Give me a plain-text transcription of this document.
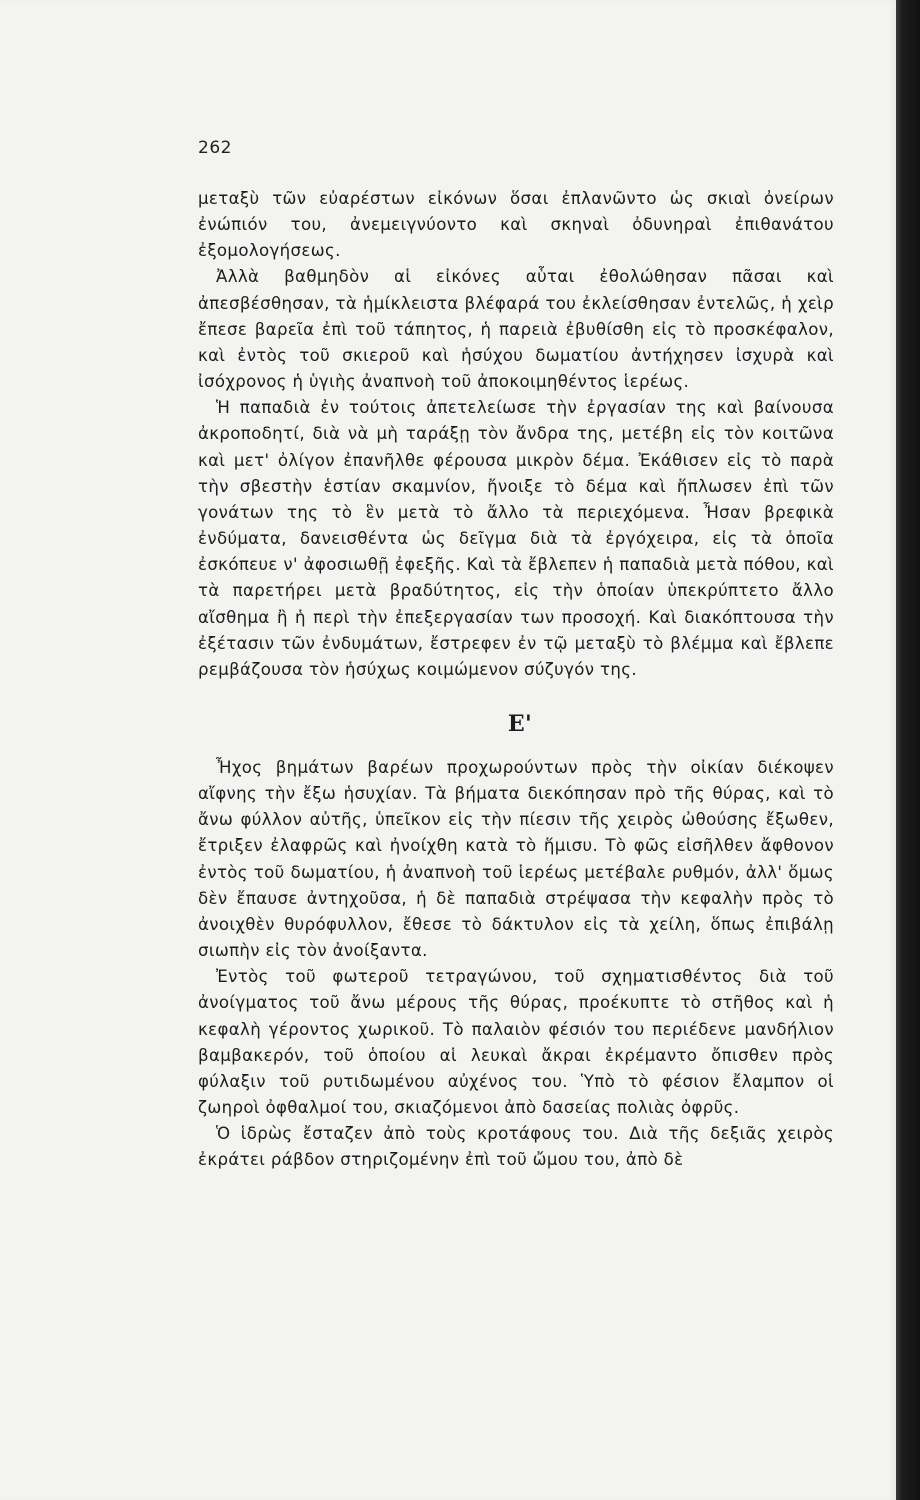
262

μεταξὺ τῶν εὐαρέστων εἰκόνων ὅσαι ἐπλανῶντο ὡς σκιαὶ ὀνείρων ἐνώπιόν του, ἀνεμειγνύοντο καὶ σκηναὶ ὀδυνηραὶ ἐπιθανάτου ἐξομολογήσεως.

Ἀλλὰ βαθμηδὸν αἱ εἰκόνες αὗται ἐθολώθησαν πᾶσαι καὶ ἀπεσβέσθησαν, τὰ ἡμίκλειστα βλέφαρά του ἐκλείσθησαν ἐντελῶς, ἡ χεὶρ ἔπεσε βαρεῖα ἐπὶ τοῦ τάπητος, ἡ παρειὰ ἐβυθίσθη εἰς τὸ προσκέφαλον, καὶ ἐντὸς τοῦ σκιεροῦ καὶ ἡσύχου δωματίου ἀντήχησεν ἰσχυρὰ καὶ ἰσόχρονος ἡ ὑγιὴς ἀναπνοὴ τοῦ ἀποκοιμηθέντος ἱερέως.

Ἡ παπαδιὰ ἐν τούτοις ἀπετελείωσε τὴν ἐργασίαν της καὶ βαίνουσα ἀκροποδητί, διὰ νὰ μὴ ταράξῃ τὸν ἄνδρα της, μετέβη εἰς τὸν κοιτῶνα καὶ μετ' ὀλίγον ἐπανῆλθε φέρουσα μικρὸν δέμα. Ἐκάθισεν εἰς τὸ παρὰ τὴν σβεστὴν ἑστίαν σκαμνίον, ἤνοιξε τὸ δέμα καὶ ἥπλωσεν ἐπὶ τῶν γονάτων της τὸ ἓν μετὰ τὸ ἄλλο τὰ περιεχόμενα. Ἦσαν βρεφικὰ ἐνδύματα, δανεισθέντα ὡς δεῖγμα διὰ τὰ ἐργόχειρα, εἰς τὰ ὁποῖα ἐσκόπευε ν' ἀφοσιωθῇ ἐφεξῆς. Καὶ τὰ ἔβλεπεν ἡ παπαδιὰ μετὰ πόθου, καὶ τὰ παρετήρει μετὰ βραδύτητος, εἰς τὴν ὁποίαν ὑπεκρύπτετο ἄλλο αἴσθημα ἢ ἡ περὶ τὴν ἐπεξεργασίαν των προσοχή. Καὶ διακόπτουσα τὴν ἐξέτασιν τῶν ἐνδυμάτων, ἔστρεφεν ἐν τῷ μεταξὺ τὸ βλέμμα καὶ ἔβλεπε ρεμβάζουσα τὸν ἡσύχως κοιμώμενον σύζυγόν της.

Ε'

Ἦχος βημάτων βαρέων προχωρούντων πρὸς τὴν οἰκίαν διέκοψεν αἴφνης τὴν ἔξω ἡσυχίαν. Τὰ βήματα διεκόπησαν πρὸ τῆς θύρας, καὶ τὸ ἄνω φύλλον αὐτῆς, ὑπεῖκον εἰς τὴν πίεσιν τῆς χειρὸς ὠθούσης ἔξωθεν, ἔτριξεν ἐλαφρῶς καὶ ἠνοίχθη κατὰ τὸ ἥμισυ. Τὸ φῶς εἰσῆλθεν ἄφθονον ἐντὸς τοῦ δωματίου, ἡ ἀναπνοὴ τοῦ ἱερέως μετέβαλε ρυθμόν, ἀλλ' ὅμως δὲν ἔπαυσε ἀντηχοῦσα, ἡ δὲ παπαδιὰ στρέψασα τὴν κεφαλὴν πρὸς τὸ ἀνοιχθὲν θυρόφυλλον, ἔθεσε τὸ δάκτυλον εἰς τὰ χείλη, ὅπως ἐπιβάλῃ σιωπὴν εἰς τὸν ἀνοίξαντα.

Ἐντὸς τοῦ φωτεροῦ τετραγώνου, τοῦ σχηματισθέντος διὰ τοῦ ἀνοίγματος τοῦ ἄνω μέρους τῆς θύρας, προέκυπτε τὸ στῆθος καὶ ἡ κεφαλὴ γέροντος χωρικοῦ. Τὸ παλαιὸν φέσιόν του περιέδενε μανδήλιον βαμβακερόν, τοῦ ὁποίου αἱ λευκαὶ ἄκραι ἐκρέμαντο ὄπισθεν πρὸς φύλαξιν τοῦ ρυτιδωμένου αὐχένος του. Ὑπὸ τὸ φέσιον ἔλαμπον οἱ ζωηροὶ ὀφθαλμοί του, σκιαζόμενοι ἀπὸ δασείας πολιὰς ὀφρῦς.

Ὁ ἱδρὼς ἔσταζεν ἀπὸ τοὺς κροτάφους του. Διὰ τῆς δεξιᾶς χειρὸς ἐκράτει ράβδον στηριζομένην ἐπὶ τοῦ ὤμου του, ἀπὸ δὲ
